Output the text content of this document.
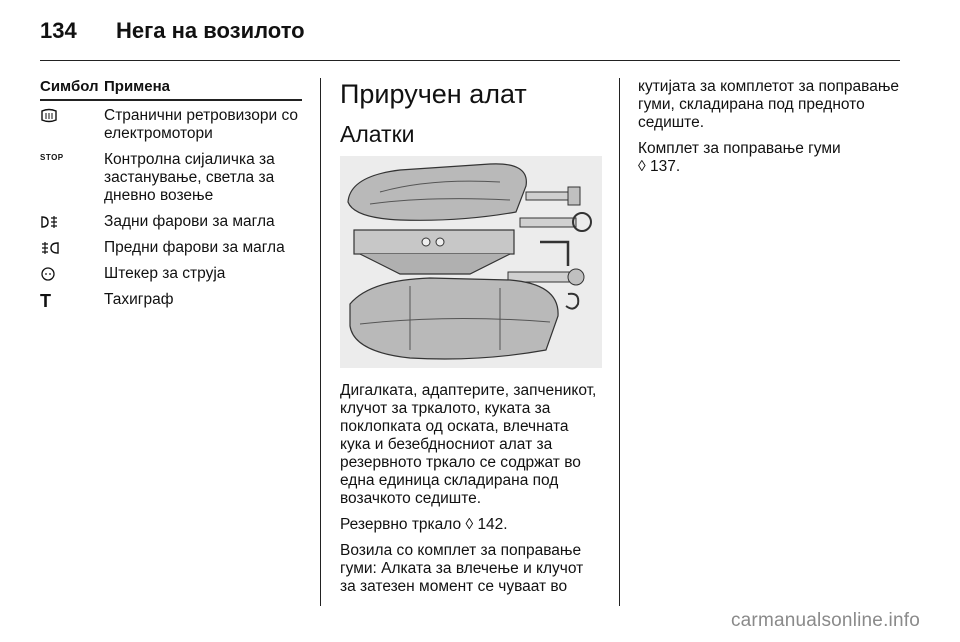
134 Нега на возилото
Симбол Примена
Странични ретровизори со електромотори
STOP	Контролна сијаличка за застанување, светла за дневно возење
Задни фарови за магла
Предни фарови за магла
Штекер за струја
T	Тахиграф
Приручен алат
Алатки

Дигалката, адаптерите, запченикот, клучот за тркалото, куката за поклопката од оската, влечната кука и безебдносниот алат за резервното тркало се содржат во една единица складирана под возачкото седиште.

Резервно тркало ◊ 142.

Возила со комплет за поправање гуми: Алката за влечење и клучот за затезен момент се чуваат во

кутијата за комплетот за поправање гуми, складирана под предното седиште.

Комплет за поправање гуми
◊ 137.

carmanualsonline.info
